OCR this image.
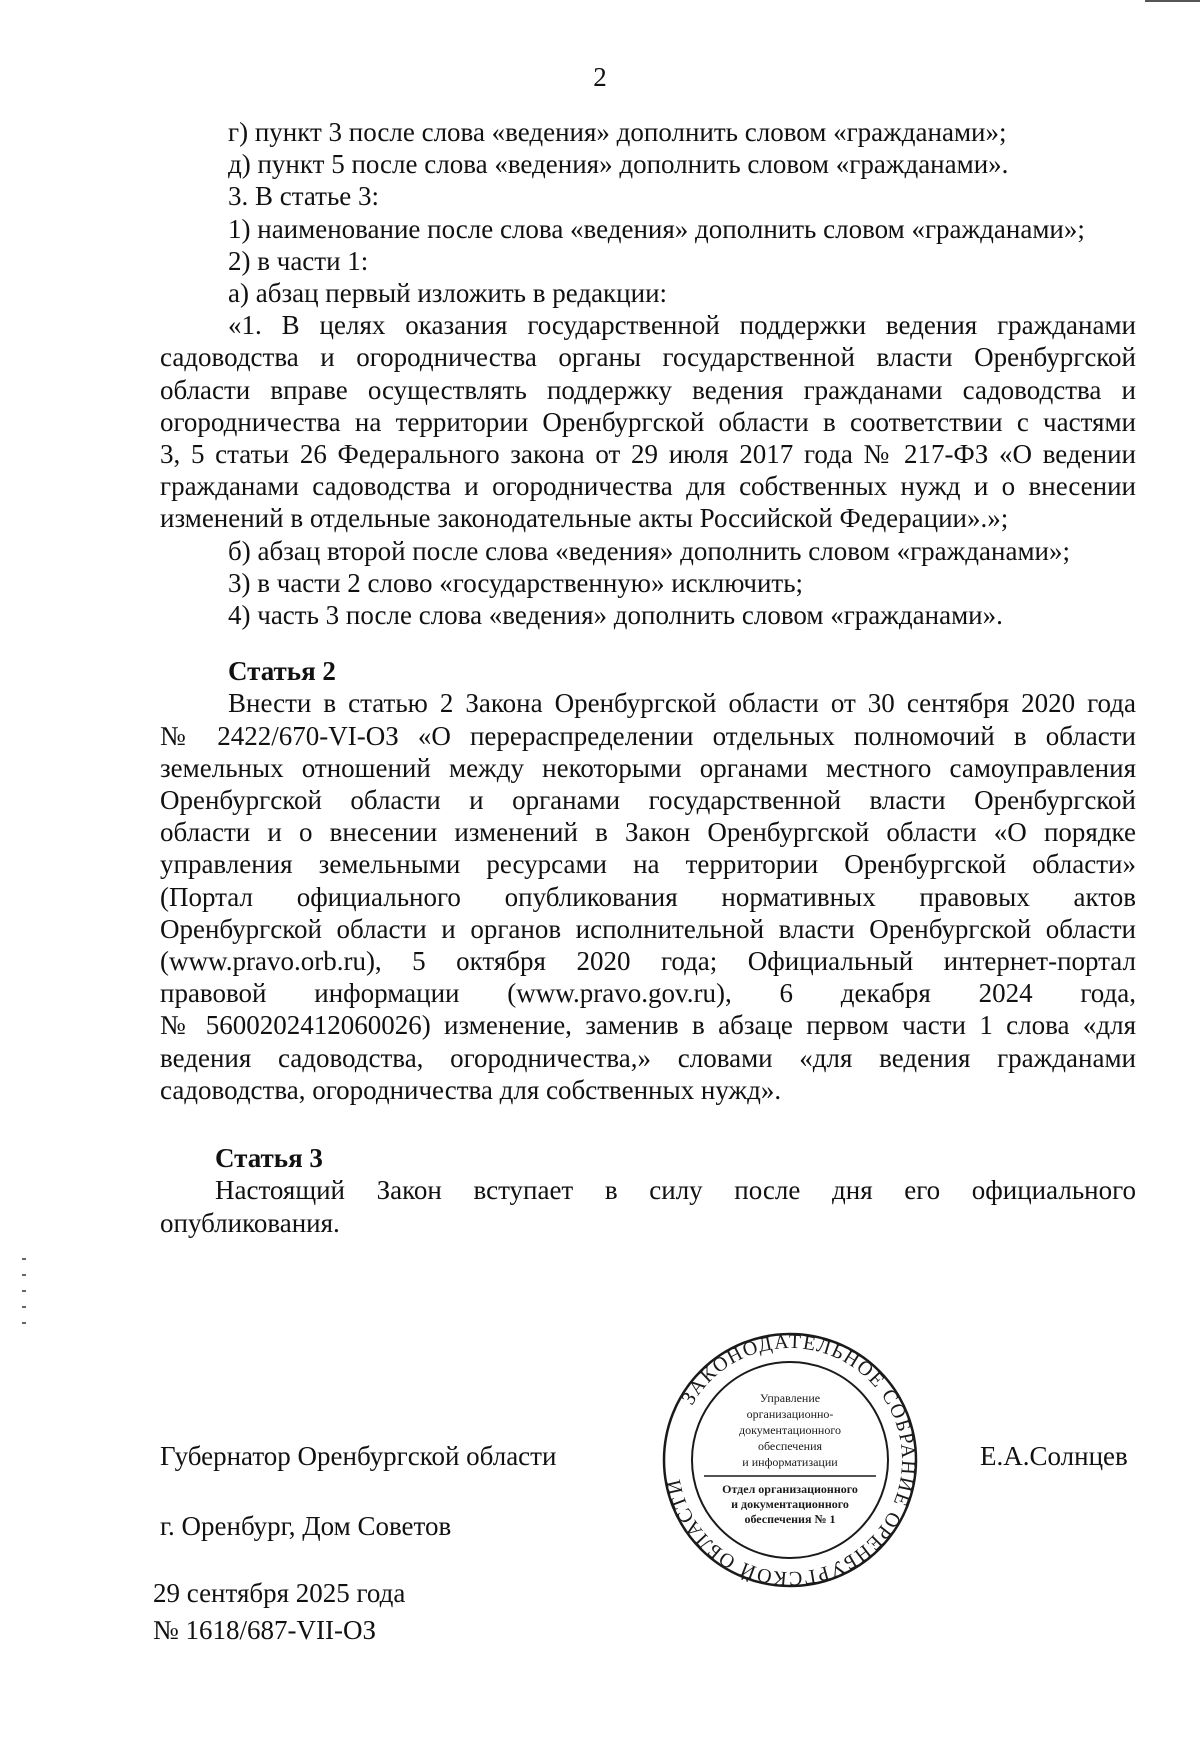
2

г) пункт 3 после слова «ведения» дополнить словом «гражданами»;

д) пункт 5 после слова «ведения» дополнить словом «гражданами».

3. В статье 3:

1) наименование после слова «ведения» дополнить словом «гражданами»;

2) в части 1:

а) абзац первый изложить в редакции:

«1. В целях оказания государственной поддержки ведения гражданами

садоводства и огородничества органы государственной власти Оренбургской

области вправе осуществлять поддержку ведения гражданами садоводства и

огородничества на территории Оренбургской области в соответствии с частями

3, 5 статьи 26 Федерального закона от 29 июля 2017 года № 217-ФЗ «О ведении

гражданами садоводства и огородничества для собственных нужд и о внесении

изменений в отдельные законодательные акты Российской Федерации».»;

б) абзац второй после слова «ведения» дополнить словом «гражданами»;

3) в части 2 слово «государственную» исключить;

4) часть 3 после слова «ведения» дополнить словом «гражданами».

Статья 2

Внести в статью 2 Закона Оренбургской области от 30 сентября 2020 года

№ 2422/670-VI-ОЗ «О перераспределении отдельных полномочий в области

земельных отношений между некоторыми органами местного самоуправления

Оренбургской области и органами государственной власти Оренбургской

области и о внесении изменений в Закон Оренбургской области «О порядке

управления земельными ресурсами на территории Оренбургской области»

(Портал официального опубликования нормативных правовых актов

Оренбургской области и органов исполнительной власти Оренбургской области

(www.pravo.orb.ru), 5 октября 2020 года; Официальный интернет-портал

правовой информации (www.pravo.gov.ru), 6 декабря 2024 года,

№ 5600202412060026) изменение, заменив в абзаце первом части 1 слова «для

ведения садоводства, огородничества,» словами «для ведения гражданами

садоводства, огородничества для собственных нужд».

Статья 3

Настоящий Закон вступает в силу после дня его официального

опубликования.

Губернатор Оренбургской области	Е.А.Солнцев
г. Оренбург, Дом Советов
29 сентября 2025 года
№ 1618/687-VII-ОЗ
ЗАКОНОДАТЕЛЬНОЕ СОБРАНИЕ ОРЕНБУРГСКОЙ ОБЛАСТИ
Управление
организационно-
документационного
обеспечения
и информатизации
Отдел организационного
и документационного
обеспечения № 1
